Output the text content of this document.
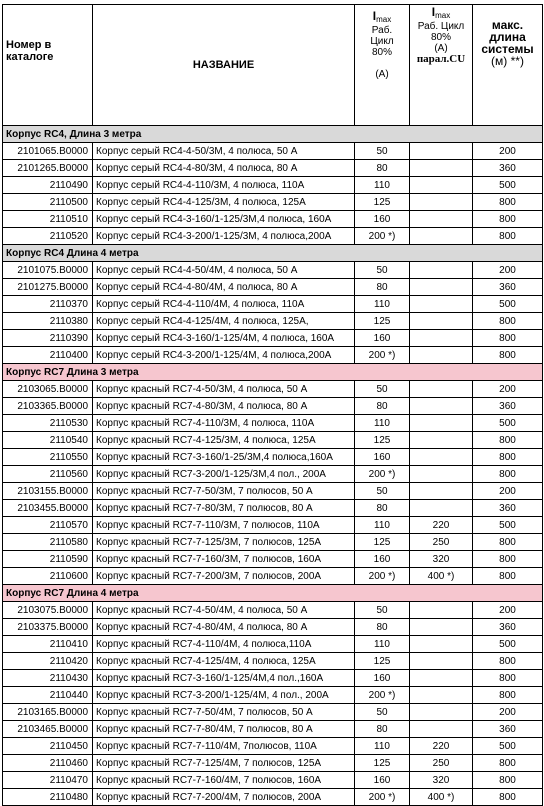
Номер в каталоге	НАЗВАНИЕ	$I_{max}$
Раб.
Цикл
80%

(A)	$I_{max}$
Раб. Цикл
80%
(A)
парал.CU	макс.
длина
системы
(м) **)
Корпус RC4, Длина 3 метра				
2101065.B0000	Корпус серый RC4-4-50/3M, 4 полюса, 50 A	50		200
2101265.B0000	Корпус серый RC4-4-80/3M, 4 полюса, 80 A	80		360
2110490	Корпус серый RC4-4-110/3M, 4 полюса, 110A	110		500
2110500	Корпус серый RC4-4-125/3M, 4 полюса, 125A	125		800
2110510	Корпус серый RC4-3-160/1-125/3M,4 полюса, 160A	160		800
2110520	Корпус серый RC4-3-200/1-125/3M, 4 полюса,200A	200 *)		800
Корпус RC4 Длина 4 метра				
2101075.B0000	Корпус серый RC4-4-50/4M, 4 полюса, 50 A	50		200
2101275.B0000	Корпус серый RC4-4-80/4M, 4 полюса, 80 A	80		360
2110370	Корпус серый RC4-4-110/4M, 4 полюса, 110A	110		500
2110380	Корпус серый RC4-4-125/4M, 4 полюса, 125A,	125		800
2110390	Корпус серый RC4-3-160/1-125/4M, 4 полюса, 160A	160		800
2110400	Корпус серый RC4-3-200/1-125/4M, 4 полюса,200A	200 *)		800
Корпус RC7 Длина 3 метра				
2103065.B0000	Корпус красный RC7-4-50/3M, 4 полюса, 50 A	50		200
2103365.B0000	Корпус красный RC7-4-80/3M, 4 полюса, 80 A	80		360
2110530	Корпус красный RC7-4-110/3M, 4 полюса, 110A	110		500
2110540	Корпус красный RC7-4-125/3M, 4 полюса, 125A	125		800
2110550	Корпус красный RC7-3-160/1-25/3M,4 полюса,160A	160		800
2110560	Корпус красный RC7-3-200/1-125/3M,4 пол., 200A	200 *)		800
2103155.B0000	Корпус красный RC7-7-50/3M, 7 полюсов, 50 A	50		200
2103455.B0000	Корпус красный RC7-7-80/3M, 7 полюсов, 80 A	80		360
2110570	Корпус красный RC7-7-110/3M, 7 полюсов, 110A	110	220	500
2110580	Корпус красный RC7-7-125/3M, 7 полюсов, 125A	125	250	800
2110590	Корпус красный RC7-7-160/3M, 7 полюсов, 160A	160	320	800
2110600	Корпус красный RC7-7-200/3M, 7 полюсов, 200A	200 *)	400 *)	800
Корпус RC7 Длина 4 метра				
2103075.B0000	Корпус красный RC7-4-50/4M, 4 полюса, 50 A	50		200
2103375.B0000	Корпус красный RC7-4-80/4M, 4 полюса, 80 A	80		360
2110410	Корпус красный RC7-4-110/4M, 4 полюса,110A	110		500
2110420	Корпус красный RC7-4-125/4M, 4 полюса, 125A	125		800
2110430	Корпус красный RC7-3-160/1-125/4M,4 пол.,160A	160		800
2110440	Корпус красный RC7-3-200/1-125/4M, 4 пол., 200A	200 *)		800
2103165.B0000	Корпус красный RC7-7-50/4M, 7 полюсов, 50 A	50		200
2103465.B0000	Корпус красный RC7-7-80/4M, 7 полюсов, 80 A	80		360
2110450	Корпус красный RC7-7-110/4M, 7полюсов, 110A	110	220	500
2110460	Корпус красный RC7-7-125/4M, 7 полюсов, 125A	125	250	800
2110470	Корпус красный RC7-7-160/4M, 7 полюсов, 160A	160	320	800
2110480	Корпус красный RC7-7-200/4M, 7 полюсов, 200A	200 *)	400 *)	800
